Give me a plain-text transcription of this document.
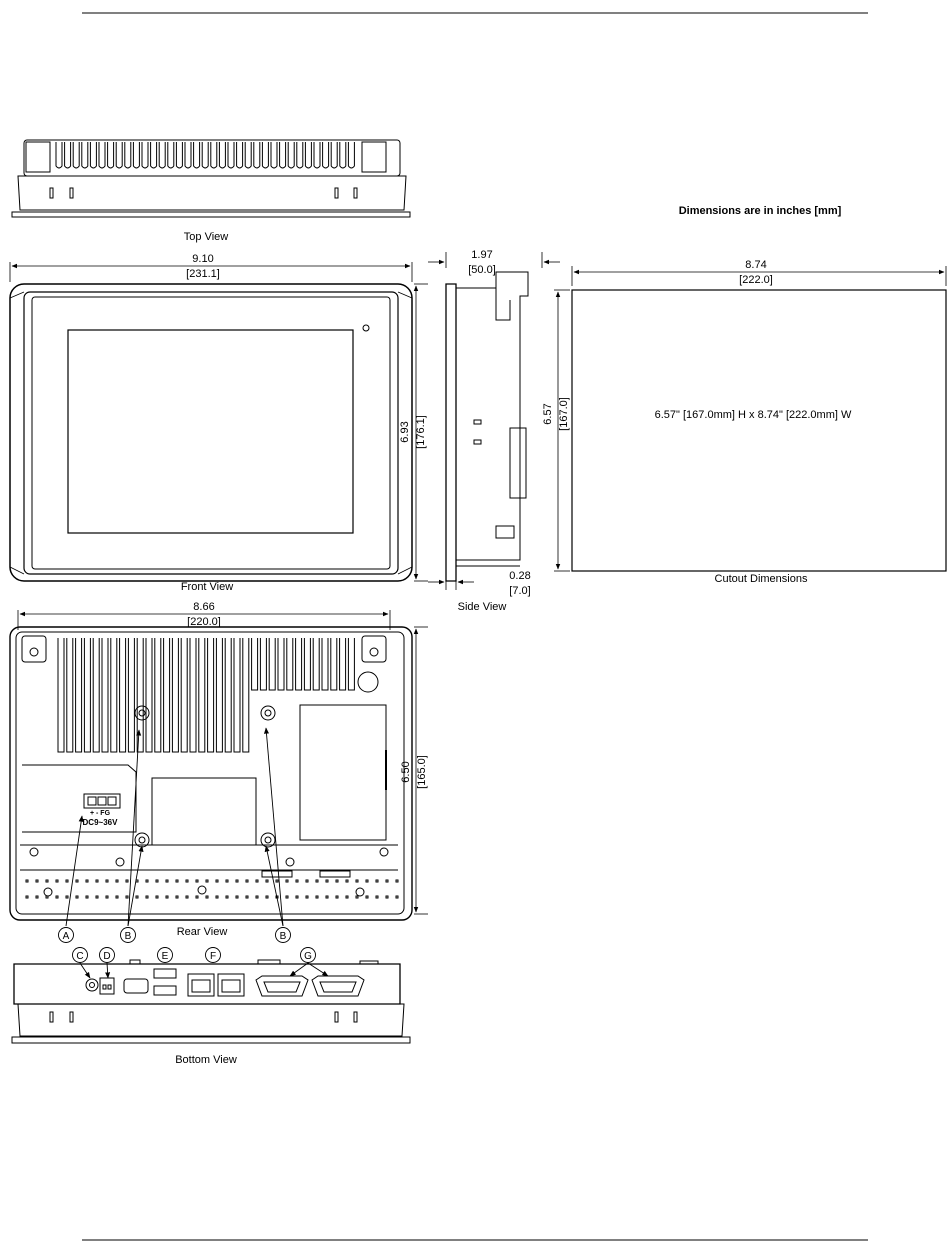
Top View
Dimensions are in inches [mm]
9.10
[231.1]
Front View
6.93 [176.1]
1.97
[50.0]
0.28
[7.0]
Side View
8.74
[222.0]
6.57" [167.0mm] H x 8.74" [222.0mm] W
6.57 [167.0]
Cutout Dimensions
8.66
[220.0]
+ - FG
DC9~36V
6.50 [165.0]
Rear View
A	B	B
C D	E	F	G
Bottom View
